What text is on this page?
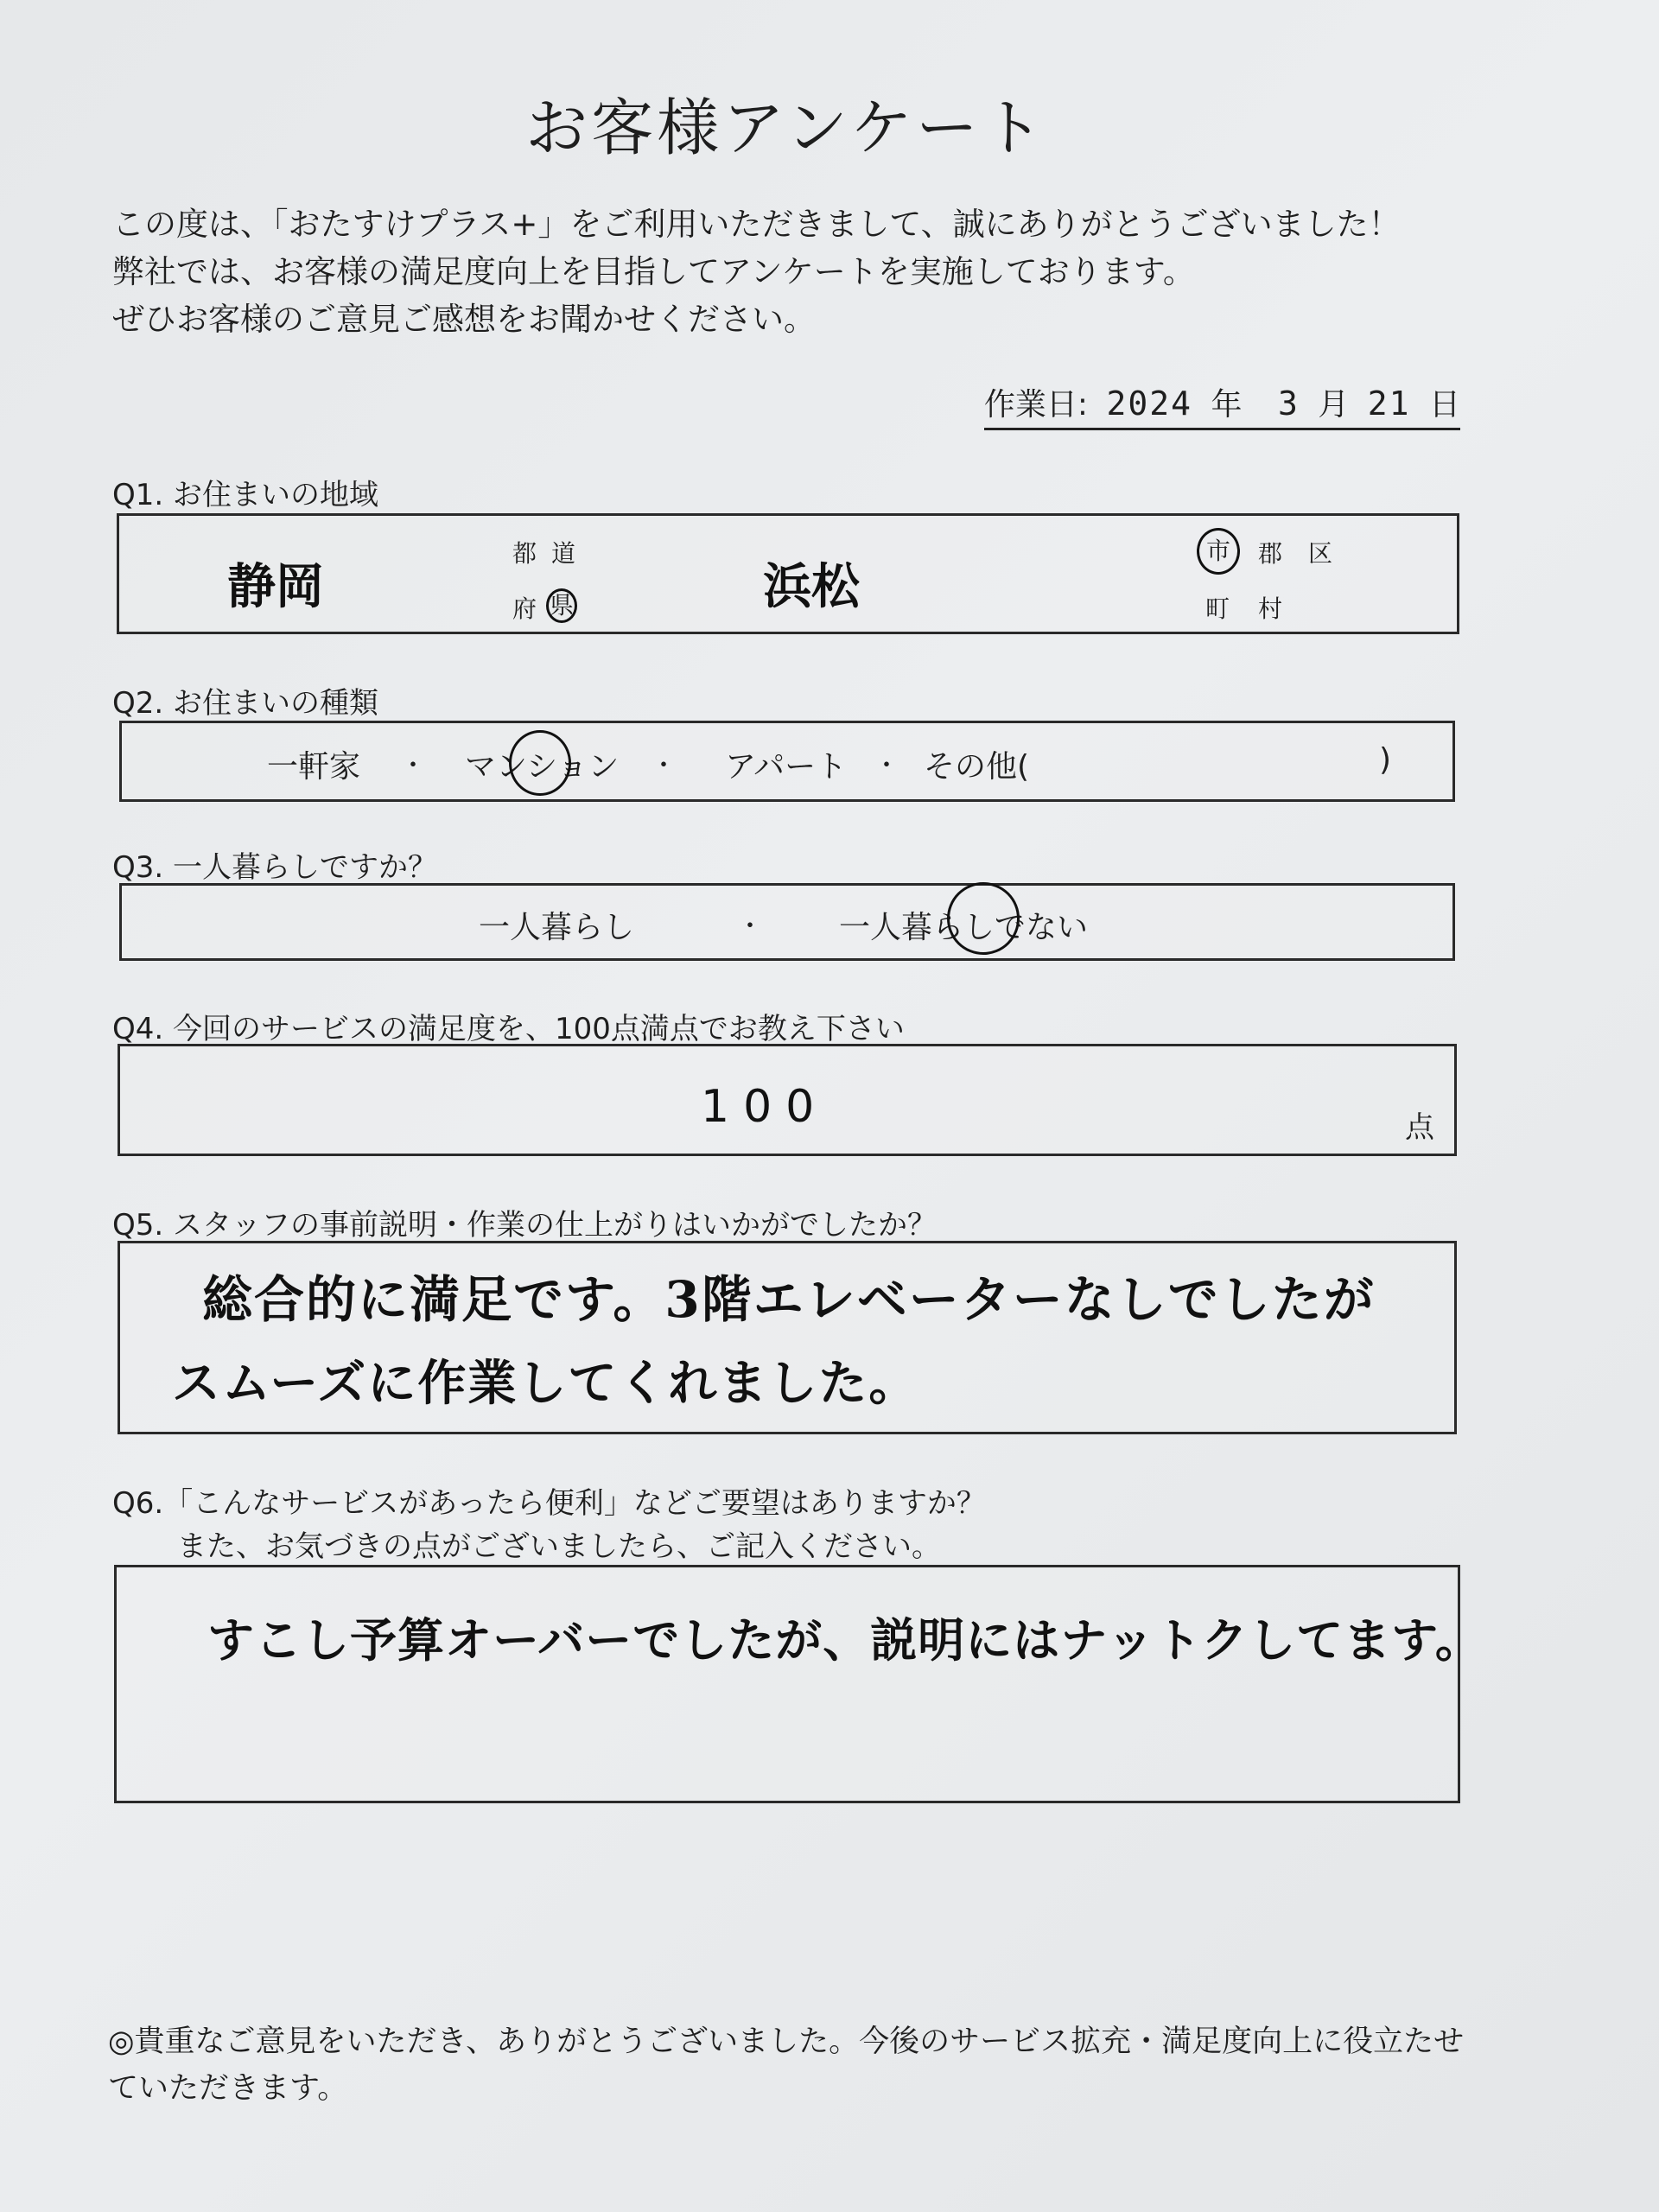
お客様アンケート
この度は、「おたすけプラス+」をご利用いただきまして、誠にありがとうございました！
弊社では、お客様の満足度向上を目指してアンケートを実施しております。
ぜひお客様のご意見ご感想をお聞かせください。
作業日: 2024 年 3 月 21 日
Q1. お住まいの地域
静岡
都 道
府 県	浜松
市	郡 区
町 村
Q2. お住まいの種類
一軒家 ・ マンション ・ アパート ・ その他(	)
Q3. 一人暮らしですか？
一人暮らし	・ 一人暮らしでない
Q4. 今回のサービスの満足度を、100点満点でお教え下さい
100	点
Q5. スタッフの事前説明・作業の仕上がりはいかがでしたか？
総合的に満足です。3階エレベーターなしでしたが
スムーズに作業してくれました。
Q6.「こんなサービスがあったら便利」などご要望はありますか？
また、お気づきの点がございましたら、ご記入ください。
すこし予算オーバーでしたが、説明にはナットクしてます。
◎貴重なご意見をいただき、ありがとうございました。今後のサービス拡充・満足度向上に役立たせていただきます。
